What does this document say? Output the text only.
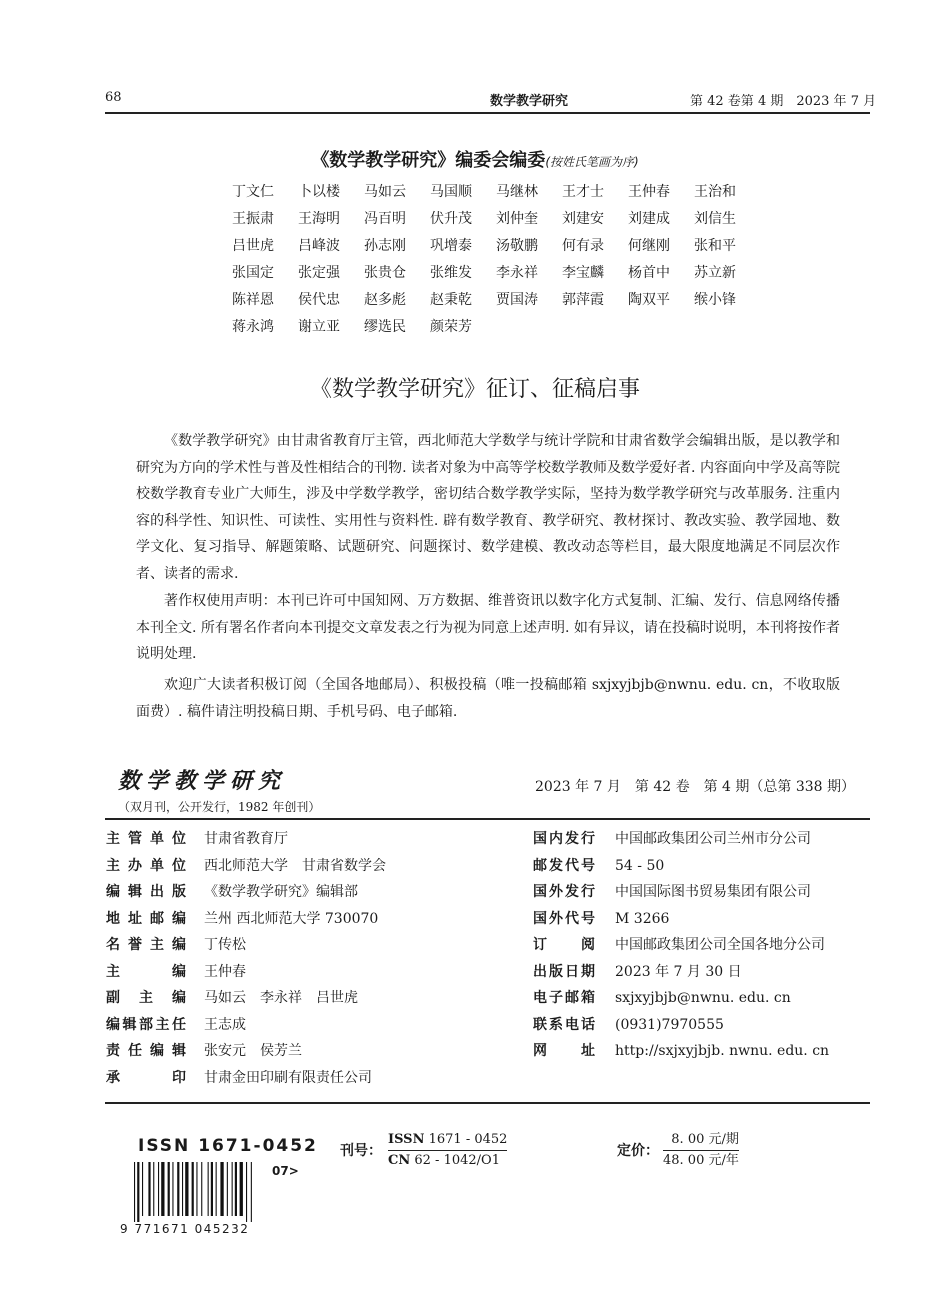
68	数学教学研究	第 42 卷第 4 期　2023 年 7 月
《数学教学研究》编委会编委(按姓氏笔画为序)
丁文仁	卜以楼	马如云	马国顺	马继林	王才士	王仲春	王治和
王振肃	王海明	冯百明	伏升茂	刘仲奎	刘建安	刘建成	刘信生
吕世虎	吕峰波	孙志刚	巩增泰	汤敬鹏	何有录	何继刚	张和平
张国定	张定强	张贵仓	张维发	李永祥	李宝麟	杨首中	苏立新
陈祥恩	侯代忠	赵多彪	赵秉乾	贾国涛	郭萍霞	陶双平	缑小锋
蒋永鸿	谢立亚	缪选民	颜荣芳
《数学教学研究》征订、征稿启事
《数学教学研究》由甘肃省教育厅主管，西北师范大学数学与统计学院和甘肃省数学会编辑出版，是以教学和研究为方向的学术性与普及性相结合的刊物. 读者对象为中高等学校数学教师及数学爱好者. 内容面向中学及高等院校数学教育专业广大师生，涉及中学数学教学，密切结合数学教学实际，坚持为数学教学研究与改革服务. 注重内容的科学性、知识性、可读性、实用性与资料性. 辟有数学教育、教学研究、教材探讨、教改实验、教学园地、数学文化、复习指导、解题策略、试题研究、问题探讨、数学建模、教改动态等栏目，最大限度地满足不同层次作者、读者的需求.
著作权使用声明：本刊已许可中国知网、万方数据、维普资讯以数字化方式复制、汇编、发行、信息网络传播本刊全文. 所有署名作者向本刊提交文章发表之行为视为同意上述声明. 如有异议，请在投稿时说明，本刊将按作者说明处理.
欢迎广大读者积极订阅（全国各地邮局）、积极投稿（唯一投稿邮箱 sxjxyjbjb@nwnu. edu. cn，不收取版面费）. 稿件请注明投稿日期、手机号码、电子邮箱.
数学教学研究
（双月刊，公开发行，1982 年创刊）
2023 年 7 月　第 42 卷　第 4 期（总第 338 期）
主管单位 甘肃省教育厅
主办单位 西北师范大学　甘肃省数学会
编辑出版 《数学教学研究》编辑部
地址邮编 兰州 西北师范大学 730070
名誉主编 丁传松
主编 王仲春
副主编 马如云　李永祥　吕世虎
编辑部主任 王志成
责任编辑 张安元　侯芳兰
承印 甘肃金田印刷有限责任公司
国内发行 中国邮政集团公司兰州市分公司
邮发代号 54 - 50
国外发行 中国国际图书贸易集团有限公司
国外代号 M 3266
订阅 中国邮政集团公司全国各地分公司
出版日期 2023 年 7 月 30 日
电子邮箱 sxjxyjbjb@nwnu. edu. cn
联系电话 (0931)7970555
网址 http://sxjxyjbjb. nwnu. edu. cn
ISSN 1671-0452
07>
9 771671 045232
刊号：
ISSN 1671 - 0452
CN 62 - 1042/O1
定价：
8. 00 元/期
48. 00 元/年
